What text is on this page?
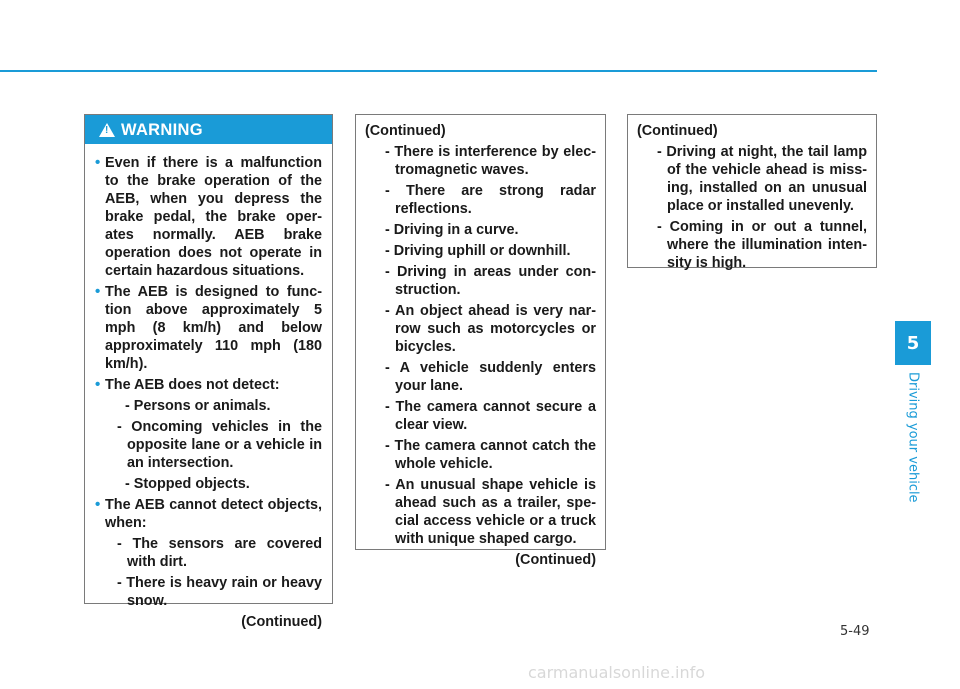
!
WARNING
• Even if there is a malfunction to the brake operation of the AEB, when you depress the brake pedal, the brake oper-ates normally. AEB brake operation does not operate in certain hazardous situations.
• The AEB is designed to func-tion above approximately 5 mph (8 km/h) and below approximately 110 mph (180 km/h).
• The AEB does not detect:
- Persons or animals.
- Oncoming vehicles in the opposite lane or a vehicle in an intersection.
- Stopped objects.
• The AEB cannot detect objects, when:
- The sensors are covered with dirt.
- There is heavy rain or heavy snow.
(Continued)
(Continued)
- There is interference by elec-tromagnetic waves.
- There are strong radar reflections.
- Driving in a curve.
- Driving uphill or downhill.
- Driving in areas under con-struction.
- An object ahead is very nar-row such as motorcycles or bicycles.
- A vehicle suddenly enters your lane.
- The camera cannot secure a clear view.
- The camera cannot catch the whole vehicle.
- An unusual shape vehicle is ahead such as a trailer, spe-cial access vehicle or a truck with unique shaped cargo.
(Continued)
(Continued)
- Driving at night, the tail lamp of the vehicle ahead is miss-ing, installed on an unusual place or installed unevenly.
- Coming in or out a tunnel, where the illumination inten-sity is high.
5
Driving your vehicle
5-49
carmanualsonline.info
